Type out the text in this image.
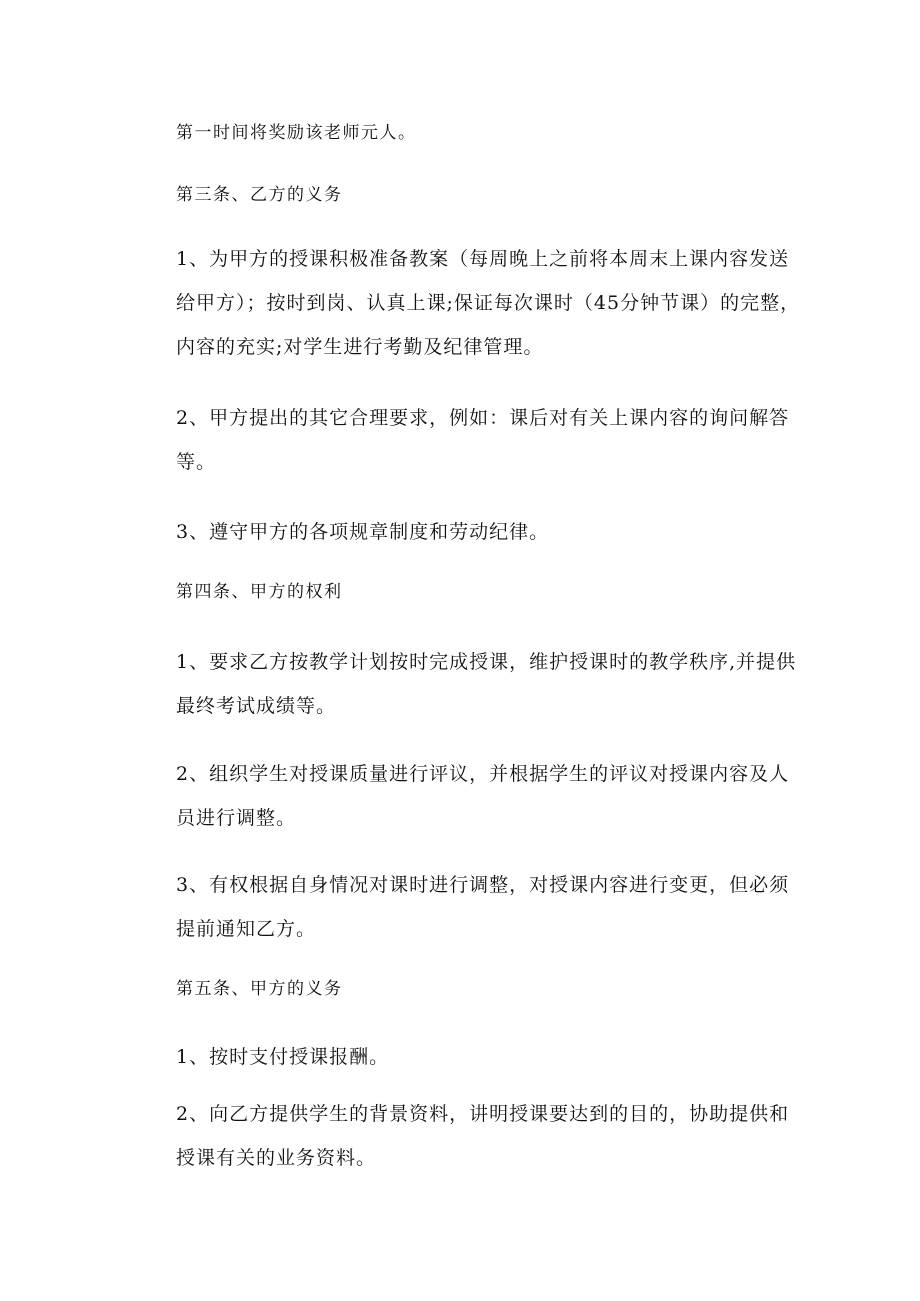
第一时间将奖励该老师元人。

第三条、乙方的义务

1、为甲方的授课积极准备教案（每周晚上之前将本周末上课内容发送给甲方）；按时到岗、认真上课;保证每次课时（45分钟节课）的完整，内容的充实;对学生进行考勤及纪律管理。

2、甲方提出的其它合理要求，例如：课后对有关上课内容的询问解答等。

3、遵守甲方的各项规章制度和劳动纪律。

第四条、甲方的权利

1、要求乙方按教学计划按时完成授课，维护授课时的教学秩序,并提供最终考试成绩等。

2、组织学生对授课质量进行评议，并根据学生的评议对授课内容及人员进行调整。

3、有权根据自身情况对课时进行调整，对授课内容进行变更，但必须提前通知乙方。

第五条、甲方的义务

1、按时支付授课报酬。

2、向乙方提供学生的背景资料，讲明授课要达到的目的，协助提供和授课有关的业务资料。
